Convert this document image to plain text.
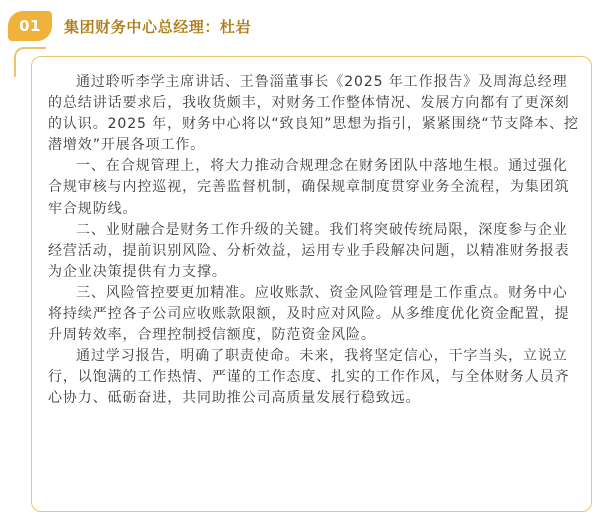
01	集团财务中心总经理：杜岩

通过聆听李学主席讲话、王鲁淄董事长《2025 年工作报告》及周海总经理的总结讲话要求后，我收货颇丰，对财务工作整体情况、发展方向都有了更深刻的认识。2025 年，财务中心将以“致良知”思想为指引，紧紧围绕“节支降本、挖潜增效”开展各项工作。

一、在合规管理上，将大力推动合规理念在财务团队中落地生根。通过强化合规审核与内控巡视，完善监督机制，确保规章制度贯穿业务全流程，为集团筑牢合规防线。

二、业财融合是财务工作升级的关键。我们将突破传统局限，深度参与企业经营活动，提前识别风险、分析效益，运用专业手段解决问题，以精准财务报表为企业决策提供有力支撑。

三、风险管控要更加精准。应收账款、资金风险管理是工作重点。财务中心将持续严控各子公司应收账款限额，及时应对风险。从多维度优化资金配置，提升周转效率，合理控制授信额度，防范资金风险。

通过学习报告，明确了职责使命。未来，我将坚定信心，干字当头，立说立行，以饱满的工作热情、严谨的工作态度、扎实的工作作风，与全体财务人员齐心协力、砥砺奋进，共同助推公司高质量发展行稳致远。
